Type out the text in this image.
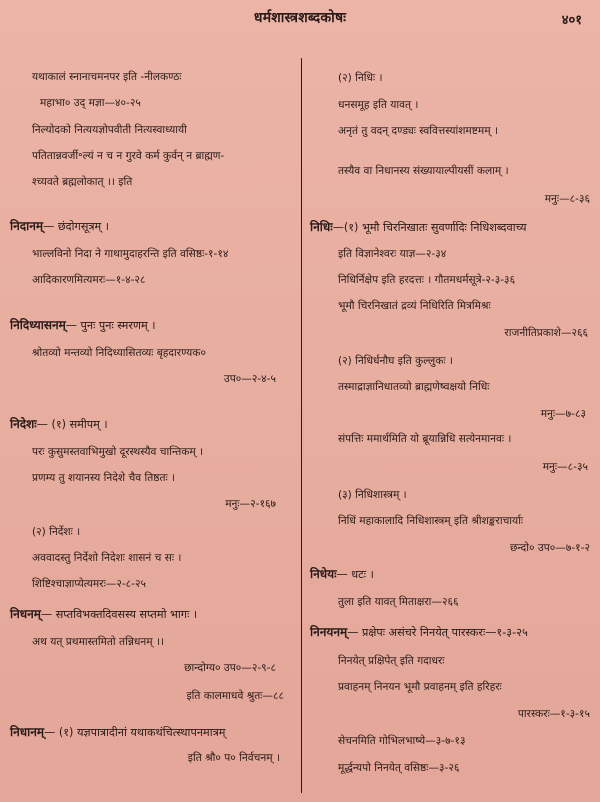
धर्मशास्त्रशब्दकोषः	४०१
यथाकालं स्नानाचमनपर इति -नीलकण्ठः
महाभा० उद्‌ मज्ञा—४०-२५
निल्योदको नित्ययज्ञोपवीती नित्यस्वाध्यायी
पतितान्नवर्जी॰ल्यं न च न गुरवे कर्म कुर्वन्‌ न ब्राह्मण-
श्च्यवते ब्रह्मलोकात्‌ ।। इति
निदानम्‌— छंदोगसूत्रम्‌ ।
भाल्लविनो निदा ने गाथामुदाहरन्ति इति वसिष्ठः-१-१४
आदिकारणमित्यमरः—१-४-२८
निदिध्यासनम्‌— पुनः पुनः स्मरणम्‌ ।
श्रोतव्यो मन्तव्यो निदिध्यासितव्यः बृहदारण्यक०
उप०—२-४-५
निदेशः— (१) समीपम्‌ ।
परः कुसुमस्तवाभिमुखो दूरस्थस्यैव चान्तिकम्‌ ।
प्रणम्य तु शयानस्य निदेशे चैव तिष्ठतः ।
मनुः—२-१६७
(२) निर्देशः ।
अववादस्तु निर्देशो निदेशः शासनं च सः ।
शिष्टिश्चाज्ञाप्येत्यमरः—२-८-२५
निधनम्‌— सप्तविभक्तदिवसस्य सप्तमो भागः ।
अथ यत् प्रथमास्तमितो तन्निधनम्‌ ।।
छान्दोग्य० उप०—२-९-८
इति कालमाधवे श्रुतः—८८
निधानम्‌— (१) यज्ञपात्रादीनां यथाकथंचित्स्थापनमात्रम्‌
इति श्रौ० प० निर्वचनम्‌ ।
(२) निधिः ।
धनसमूह इति यावत्‌ ।
अनृतं तु वदन्‌ दण्ड्यः स्ववित्तस्यांशमष्टमम्‌ ।
तस्यैव वा निधानस्य संख्यायाल्पीयसीं कलाम्‌ ।
मनुः—८-३६
निधिः—(१) भूमौ चिरनिखातः सुवर्णादिः निधिशब्दवाच्य
इति विज्ञानेश्वरः याज्ञ—२-३४
निधिर्निक्षेप इति हरदत्तः । गौतमधर्मसूत्रे-२-३-३६
भूमौ चिरनिखातं द्रव्यं निधिरिति मित्रमिश्रः
राजनीतिप्रकाशे—२६६
(२) निधिर्धनौघ इति कुल्लुकः ।
तस्माद्राज्ञानिधातव्यो ब्राह्मणेष्वक्षयो निधिः
मनुः—७-८३
संपत्तिः ममार्थमिति यो ब्रूयान्निधि सत्येनमानवः ।
मनुः—८-३५
(३) निधिशास्त्रम्‌ ।
निधिं महाकालादि निधिशास्त्रम्‌ इति श्रीशङ्कराचार्याः
छन्दो० उप०—७-१-२
निधेयः— धटः ।
तुला इति यावत्‌ मिताक्षरा—२६६
निनयनम्‌— प्रक्षेपः असंचरे निनयेत् पारस्करः—१-३-२५
निनयेत्‌ प्रक्षिपेत्‌ इति गदाधरः
प्रवाहनम्‌ निनयन भूमौ प्रवाहनम्‌ इति हरिहरः
पारस्करः—१-३-१५
सेचनमिति गोभिलभाष्ये—३-७-१३
मूर्द्धन्यपो निनयेत्‌ वसिष्ठः—३-२६
